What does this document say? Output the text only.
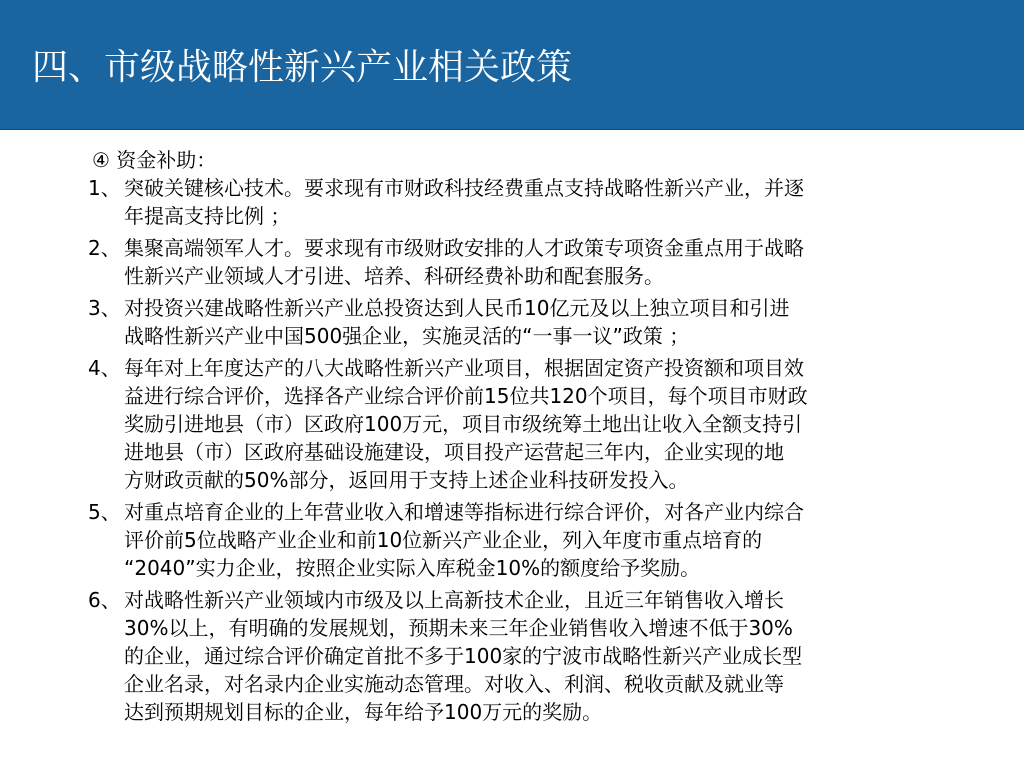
四、市级战略性新兴产业相关政策
④ 资金补助：
1、 突破关键核心技术。要求现有市财政科技经费重点支持战略性新兴产业，并逐
年提高支持比例 ；
2、 集聚高端领军人才。要求现有市级财政安排的人才政策专项资金重点用于战略
性新兴产业领域人才引进、培养、科研经费补助和配套服务。
3、 对投资兴建战略性新兴产业总投资达到人民币10亿元及以上独立项目和引进
战略性新兴产业中国500强企业，实施灵活的“一事一议”政策 ；
4、 每年对上年度达产的八大战略性新兴产业项目，根据固定资产投资额和项目效
益进行综合评价，选择各产业综合评价前15位共120个项目，每个项目市财政
奖励引进地县（市）区政府100万元，项目市级统筹土地出让收入全额支持引
进地县（市）区政府基础设施建设，项目投产运营起三年内，企业实现的地
方财政贡献的50%部分，返回用于支持上述企业科技研发投入。
5、 对重点培育企业的上年营业收入和增速等指标进行综合评价，对各产业内综合
评价前5位战略产业企业和前10位新兴产业企业，列入年度市重点培育的
“2040”实力企业，按照企业实际入库税金10%的额度给予奖励。
6、 对战略性新兴产业领域内市级及以上高新技术企业，且近三年销售收入增长
30%以上，有明确的发展规划，预期未来三年企业销售收入增速不低于30%
的企业，通过综合评价确定首批不多于100家的宁波市战略性新兴产业成长型
企业名录，对名录内企业实施动态管理。对收入、利润、税收贡献及就业等
达到预期规划目标的企业，每年给予100万元的奖励。
